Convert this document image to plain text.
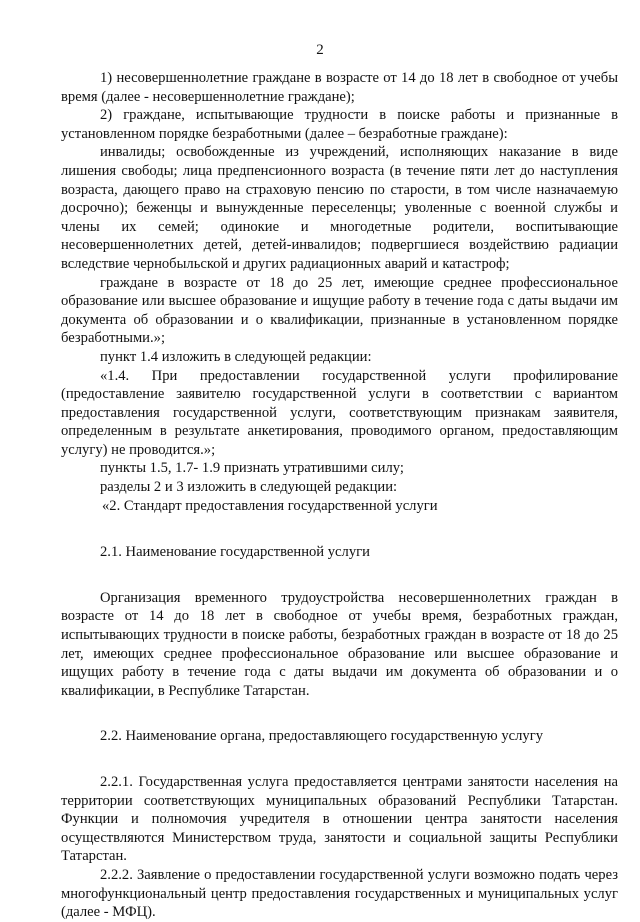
2

1) несовершеннолетние граждане в возрасте от 14 до 18 лет в свободное от учебы время (далее - несовершеннолетние граждане);

2) граждане, испытывающие трудности в поиске работы и признанные в установленном порядке безработными (далее – безработные граждане):

инвалиды; освобожденные из учреждений, исполняющих наказание в виде лишения свободы; лица предпенсионного возраста (в течение пяти лет до наступления возраста, дающего право на страховую пенсию по старости, в том числе назначаемую досрочно); беженцы и вынужденные переселенцы; уволенные с военной службы и члены их семей; одинокие и многодетные родители, воспитывающие несовершеннолетних детей, детей-инвалидов; подвергшиеся воздействию радиации вследствие чернобыльской и других радиационных аварий и катастроф;

граждане в возрасте от 18 до 25 лет, имеющие среднее профессиональное образование или высшее образование и ищущие работу в течение года с даты выдачи им документа об образовании и о квалификации, признанные в установленном порядке безработными.»;

пункт 1.4 изложить в следующей редакции:

«1.4. При предоставлении государственной услуги профилирование (предоставление заявителю государственной услуги в соответствии с вариантом предоставления государственной услуги, соответствующим признакам заявителя, определенным в результате анкетирования, проводимого органом, предоставляющим услугу) не проводится.»;

пункты 1.5, 1.7- 1.9 признать утратившими силу;

разделы 2 и 3 изложить в следующей редакции:

«2. Стандарт предоставления государственной услуги

2.1. Наименование государственной услуги

Организация временного трудоустройства несовершеннолетних граждан в возрасте от 14 до 18 лет в свободное от учебы время, безработных граждан, испытывающих трудности в поиске работы, безработных граждан в возрасте от 18 до 25 лет, имеющих среднее профессиональное образование или высшее образование и ищущих работу в течение года с даты выдачи им документа об образовании и о квалификации, в Республике Татарстан.

2.2. Наименование органа, предоставляющего государственную услугу

2.2.1. Государственная услуга предоставляется центрами занятости населения на территории соответствующих муниципальных образований Республики Татарстан. Функции и полномочия учредителя в отношении центра занятости населения осуществляются Министерством труда, занятости и социальной защиты Республики Татарстан.

2.2.2. Заявление о предоставлении государственной услуги возможно подать через многофункциональный центр предоставления государственных и муниципальных услуг (далее - МФЦ).
